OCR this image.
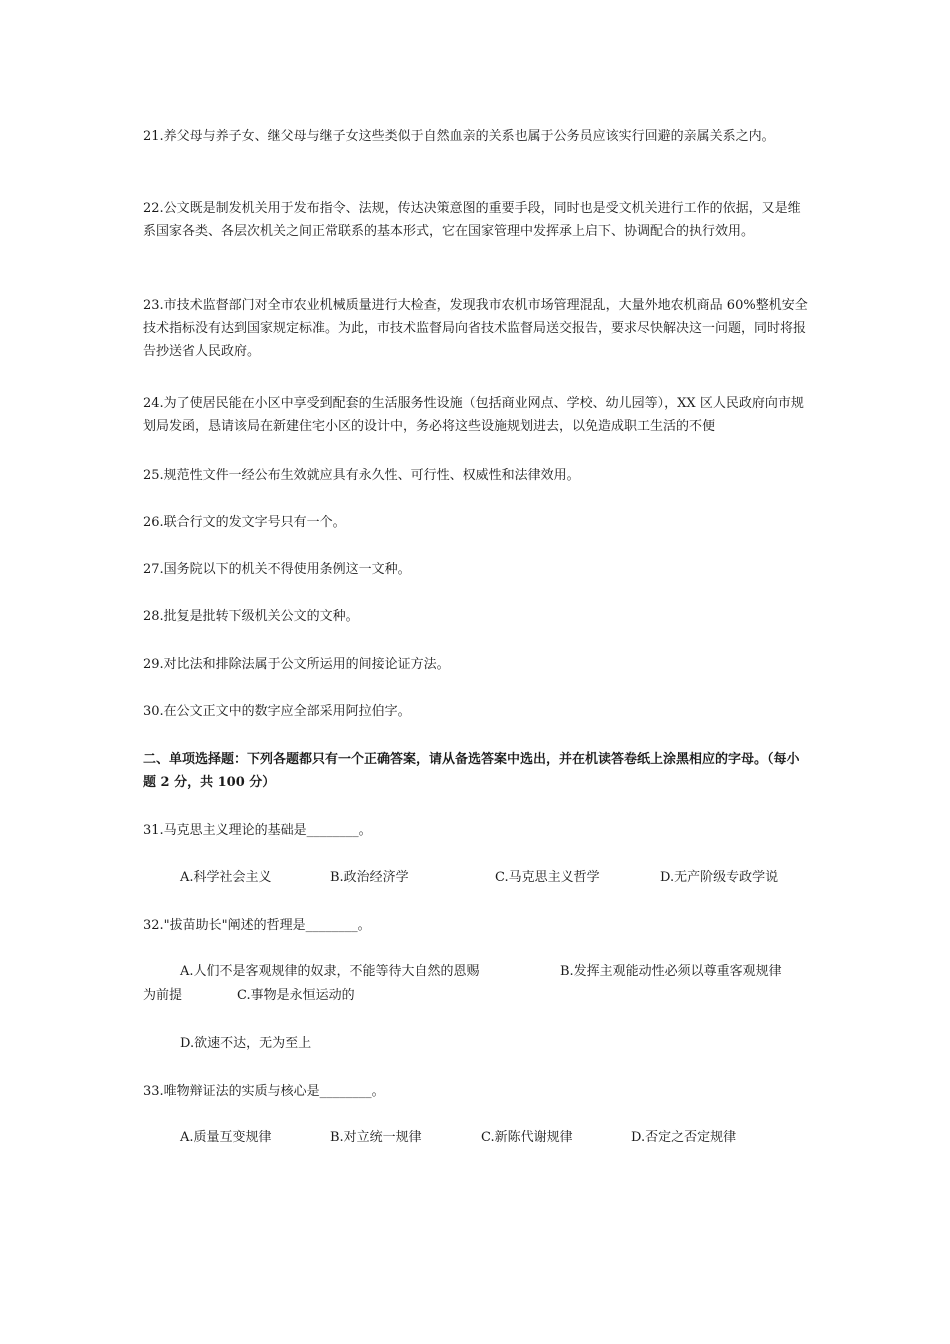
21.养父母与养子女、继父母与继子女这些类似于自然血亲的关系也属于公务员应该实行回避的亲属关系之内。

22.公文既是制发机关用于发布指令、法规，传达决策意图的重要手段，同时也是受文机关进行工作的依据，又是维系国家各类、各层次机关之间正常联系的基本形式，它在国家管理中发挥承上启下、协调配合的执行效用。

23.市技术监督部门对全市农业机械质量进行大检查，发现我市农机市场管理混乱，大量外地农机商品 60%整机安全技术指标没有达到国家规定标准。为此，市技术监督局向省技术监督局送交报告，要求尽快解决这一问题，同时将报告抄送省人民政府。

24.为了使居民能在小区中享受到配套的生活服务性设施（包括商业网点、学校、幼儿园等），XX 区人民政府向市规划局发函，恳请该局在新建住宅小区的设计中，务必将这些设施规划进去，以免造成职工生活的不便

25.规范性文件一经公布生效就应具有永久性、可行性、权威性和法律效用。

26.联合行文的发文字号只有一个。

27.国务院以下的机关不得使用条例这一文种。

28.批复是批转下级机关公文的文种。

29.对比法和排除法属于公文所运用的间接论证方法。

30.在公文正文中的数字应全部采用阿拉伯字。

二、单项选择题：下列各题都只有一个正确答案，请从备选答案中选出，并在机读答卷纸上涂黑相应的字母。（每小题 2 分，共 100 分）

31.马克思主义理论的基础是________。

A.科学社会主义	B.政治经济学	C.马克思主义哲学	D.无产阶级专政学说

32."拔苗助长"阐述的哲理是________。

A.人们不是客观规律的奴隶，不能等待大自然的恩赐	B.发挥主观能动性必须以尊重客观规律
为前提	C.事物是永恒运动的
D.欲速不达，无为至上

33.唯物辩证法的实质与核心是________。

A.质量互变规律	B.对立统一规律	C.新陈代谢规律	D.否定之否定规律
